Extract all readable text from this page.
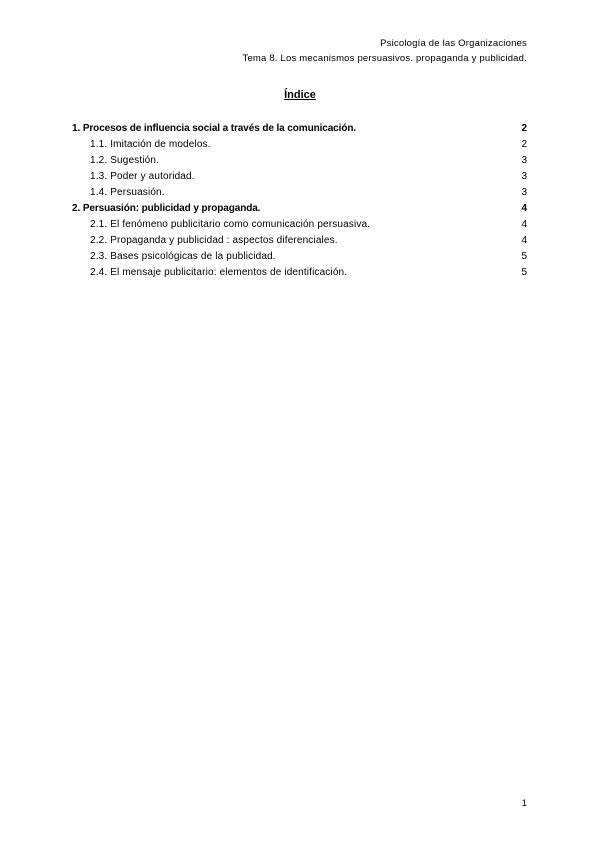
Psicología de las Organizaciones
Tema 8. Los mecanismos persuasivos. propaganda y publicidad.
Índice
1. Procesos de influencia social a través de la comunicación.	2
1.1. Imitación de modelos.	2
1.2. Sugestión.	3
1.3. Poder y autoridad.	3
1.4. Persuasión.	3
2. Persuasión: publicidad y propaganda.	4
2.1. El fenómeno publicitario como comunicación persuasiva.	4
2.2. Propaganda y publicidad : aspectos diferenciales.	4
2.3. Bases psicológicas de la publicidad.	5
2.4. El mensaje publicitario: elementos de identificación.	5
1
